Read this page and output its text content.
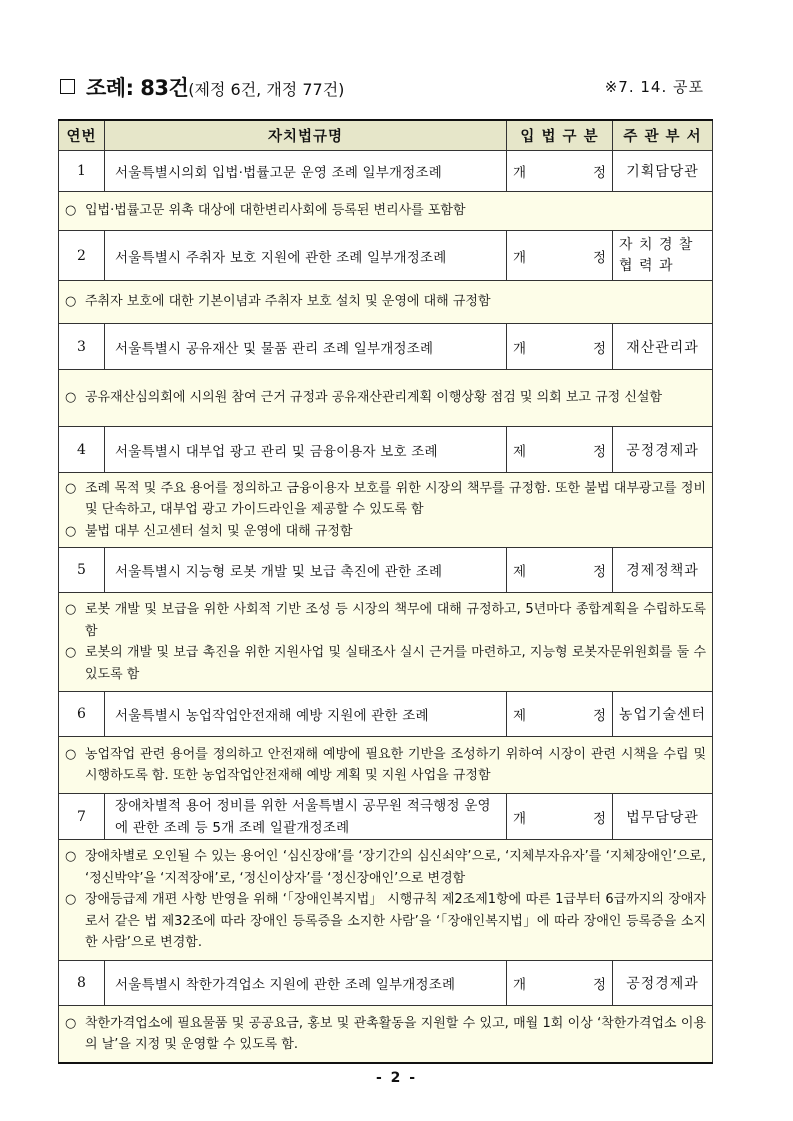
조례: 83건(제정 6건, 개정 77건)	※7. 14. 공포
연번	자치법규명	입 법 구 분	주 관 부 서
1	서울특별시의회 입법·법률고문 운영 조례 일부개정조례	개 정	기획담당관

○ 입법·법률고문 위촉 대상에 대한변리사회에 등록된 변리사를 포함함			

2	서울특별시 주취자 보호 지원에 관한 조례 일부개정조례	개 정	자 치 경 찰
협 력 과

○ 주취자 보호에 대한 기본이념과 주취자 보호 설치 및 운영에 대해 규정함			

3	서울특별시 공유재산 및 물품 관리 조례 일부개정조례	개 정	재산관리과

○ 공유재산심의회에 시의원 참여 근거 규정과 공유재산관리계획 이행상황 점검 및 의회 보고 규정 신설함			

4	서울특별시 대부업 광고 관리 및 금융이용자 보호 조례	제 정	공정경제과

○ 조례 목적 및 주요 용어를 정의하고 금융이용자 보호를 위한 시장의 책무를 규정함. 또한 불법 대부광고를 정비 및 단속하고, 대부업 광고 가이드라인을 제공할 수 있도록 함
○ 불법 대부 신고센터 설치 및 운영에 대해 규정함			

5	서울특별시 지능형 로봇 개발 및 보급 촉진에 관한 조례	제 정	경제정책과

○ 로봇 개발 및 보급을 위한 사회적 기반 조성 등 시장의 책무에 대해 규정하고, 5년마다 종합계획을 수립하도록 함
○ 로봇의 개발 및 보급 촉진을 위한 지원사업 및 실태조사 실시 근거를 마련하고, 지능형 로봇자문위원회를 둘 수 있도록 함			

6	서울특별시 농업작업안전재해 예방 지원에 관한 조례	제 정	농업기술센터

○ 농업작업 관련 용어를 정의하고 안전재해 예방에 필요한 기반을 조성하기 위하여 시장이 관련 시책을 수립 및 시행하도록 함. 또한 농업작업안전재해 예방 계획 및 지원 사업을 규정함			

7	장애차별적 용어 정비를 위한 서울특별시 공무원 적극행정 운영에 관한 조례 등 5개 조례 일괄개정조례	개 정	법무담당관

○ 장애차별로 오인될 수 있는 용어인 ‘심신장애’를 ‘장기간의 심신쇠약’으로, ‘지체부자유자’를 ‘지체장애인’으로, ‘정신박약’을 ‘지적장애’로, ‘정신이상자’를 ‘정신장애인’으로 변경함
○ 장애등급제 개편 사항 반영을 위해 ‘「장애인복지법」 시행규칙 제2조제1항에 따른 1급부터 6급까지의 장애자로서 같은 법 제32조에 따라 장애인 등록증을 소지한 사람’을 ‘「장애인복지법」에 따라 장애인 등록증을 소지한 사람’으로 변경함.			

8	서울특별시 착한가격업소 지원에 관한 조례 일부개정조례	개 정	공정경제과

○ 착한가격업소에 필요물품 및 공공요금, 홍보 및 관촉활동을 지원할 수 있고, 매월 1회 이상 ‘착한가격업소 이용의 날’을 지정 및 운영할 수 있도록 함.			
- 2 -
